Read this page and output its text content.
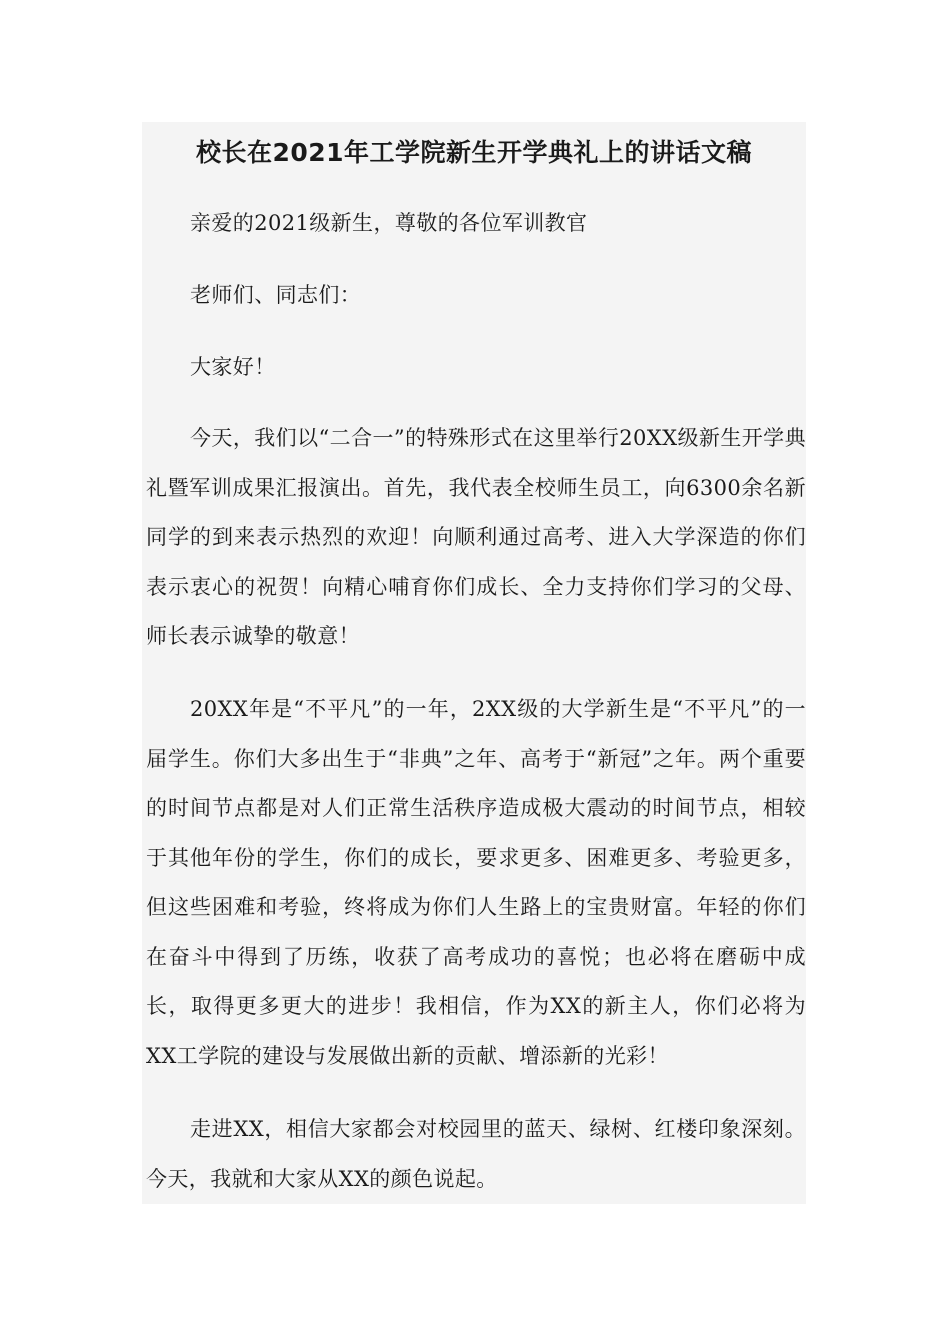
校长在2021年工学院新生开学典礼上的讲话文稿

亲爱的2021级新生，尊敬的各位军训教官

老师们、同志们：

大家好！

今天，我们以“二合一”的特殊形式在这里举行20XX级新生开学典礼暨军训成果汇报演出。首先，我代表全校师生员工，向6300余名新同学的到来表示热烈的欢迎！向顺利通过高考、进入大学深造的你们表示衷心的祝贺！向精心哺育你们成长、全力支持你们学习的父母、师长表示诚挚的敬意！

20XX年是“不平凡”的一年，2XX级的大学新生是“不平凡”的一届学生。你们大多出生于“非典”之年、高考于“新冠”之年。两个重要的时间节点都是对人们正常生活秩序造成极大震动的时间节点，相较于其他年份的学生，你们的成长，要求更多、困难更多、考验更多，但这些困难和考验，终将成为你们人生路上的宝贵财富。年轻的你们在奋斗中得到了历练，收获了高考成功的喜悦；也必将在磨砺中成长，取得更多更大的进步！我相信，作为XX的新主人，你们必将为XX工学院的建设与发展做出新的贡献、增添新的光彩！

走进XX，相信大家都会对校园里的蓝天、绿树、红楼印象深刻。今天，我就和大家从XX的颜色说起。
